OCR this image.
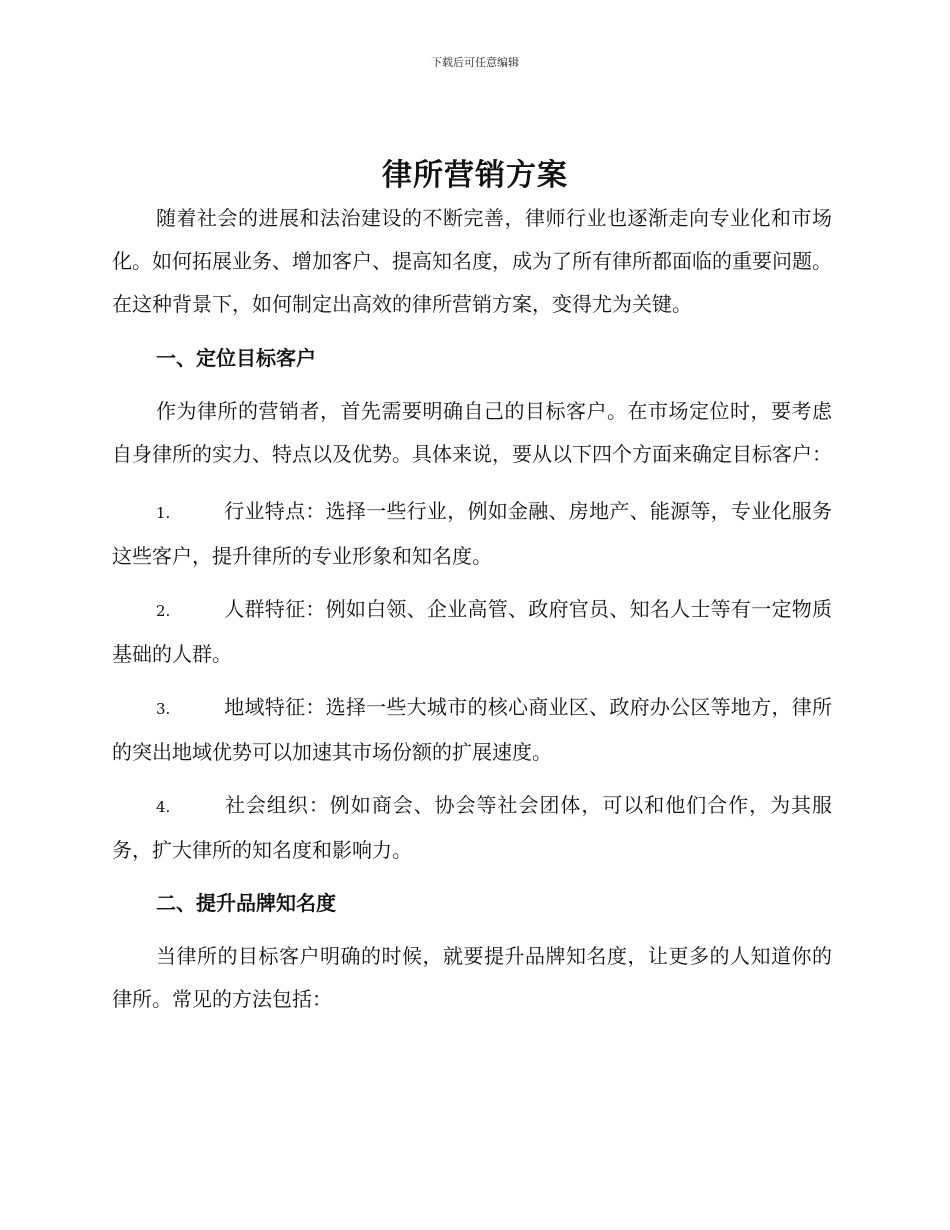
下载后可任意编辑
律所营销方案

随着社会的进展和法治建设的不断完善，律师行业也逐渐走向专业化和市场化。如何拓展业务、增加客户、提高知名度，成为了所有律所都面临的重要问题。在这种背景下，如何制定出高效的律所营销方案，变得尤为关键。

一、定位目标客户

作为律所的营销者，首先需要明确自己的目标客户。在市场定位时，要考虑自身律所的实力、特点以及优势。具体来说，要从以下四个方面来确定目标客户：

1.	行业特点：选择一些行业，例如金融、房地产、能源等，专业化服务这些客户，提升律所的专业形象和知名度。

2.	人群特征：例如白领、企业高管、政府官员、知名人士等有一定物质基础的人群。

3.	地域特征：选择一些大城市的核心商业区、政府办公区等地方，律所的突出地域优势可以加速其市场份额的扩展速度。

4.	社会组织：例如商会、协会等社会团体，可以和他们合作，为其服务，扩大律所的知名度和影响力。

二、提升品牌知名度

当律所的目标客户明确的时候，就要提升品牌知名度，让更多的人知道你的律所。常见的方法包括：
